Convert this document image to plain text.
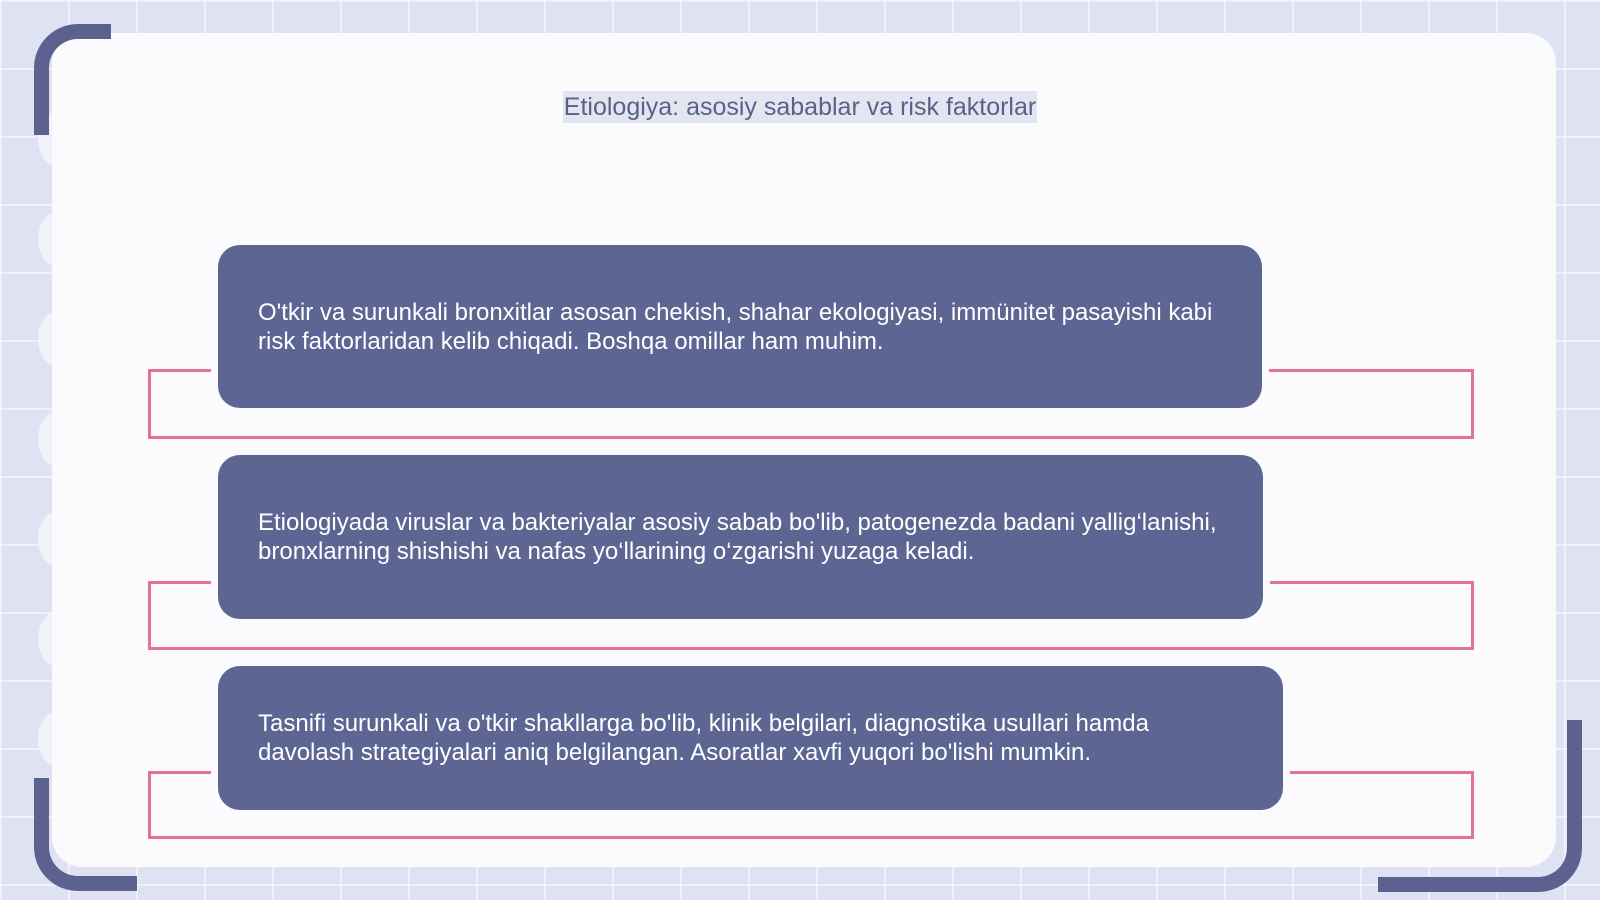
Etiologiya: asosiy sabablar va risk faktorlar

O'tkir va surunkali bronxitlar asosan chekish, shahar ekologiyasi, immünitet pasayishi kabi risk faktorlaridan kelib chiqadi. Boshqa omillar ham muhim.

Etiologiyada viruslar va bakteriyalar asosiy sabab bo'lib, patogenezda badani yallig‘lanishi, bronxlarning shishishi va nafas yo‘llarining o‘zgarishi yuzaga keladi.

Tasnifi surunkali va o'tkir shakllarga bo'lib, klinik belgilari, diagnostika usullari hamda davolash strategiyalari aniq belgilangan. Asoratlar xavfi yuqori bo'lishi mumkin.
